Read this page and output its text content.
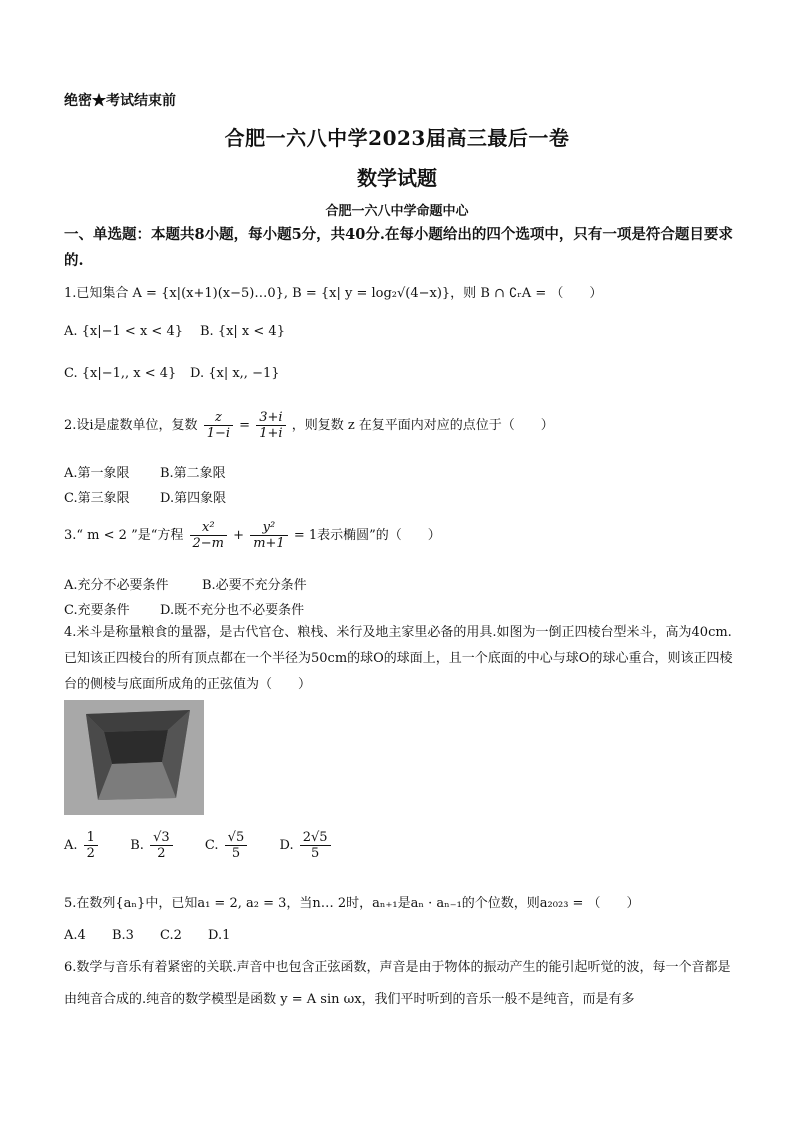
绝密★考试结束前
合肥一六八中学2023届高三最后一卷
数学试题
合肥一六八中学命题中心
一、单选题：本题共8小题，每小题5分，共40分.在每小题给出的四个选项中，只有一项是符合题目要求的.
1.已知集合 A = {x|(x+1)(x−5)…0}, B = {x| y = log₂√(4−x)}，则 B ∩ ∁ᵣA = （　　）
A. {x|−1 < x < 4} B. {x| x < 4}
C. {x|−1,, x < 4} D. {x| x,, −1}
2.设i是虚数单位，复数 $\frac{z}{1-i} = \frac{3+i}{1+i}$ ，则复数 z 在复平面内对应的点位于（　　）
A.第一象限 B.第二象限
C.第三象限 D.第四象限
3.“ m < 2 ”是“方程 $\frac{\text{x²}}{2-m} + \frac{\text{y²}}{m+1} = 1$表示椭圆”的（　　）
A.充分不必要条件	B.必要不充分条件
C.充要条件 D.既不充分也不必要条件
4.米斗是称量粮食的量器，是古代官仓、粮栈、米行及地主家里必备的用具.如图为一倒正四棱台型米斗，高为40cm.已知该正四棱台的所有顶点都在一个半径为50cm的球O的球面上，且一个底面的中心与球O的球心重合，则该正四棱台的侧棱与底面所成角的正弦值为（　　）
A. $\frac{1}{2} B$. $\frac{√3}{2} C$. $\frac{√5}{5} D$. $\frac{2√5}{5}$
5.在数列{aₙ}中，已知a₁ = 2, a₂ = 3，当n… 2时，aₙ₊₁是aₙ · aₙ₋₁的个位数，则a₂₀₂₃ = （　　）
A.4 B.3 C.2 D.1
6.数学与音乐有着紧密的关联.声音中也包含正弦函数，声音是由于物体的振动产生的能引起听觉的波，每一个音都是由纯音合成的.纯音的数学模型是函数 y = A sin ωx，我们平时听到的音乐一般不是纯音，而是有多
